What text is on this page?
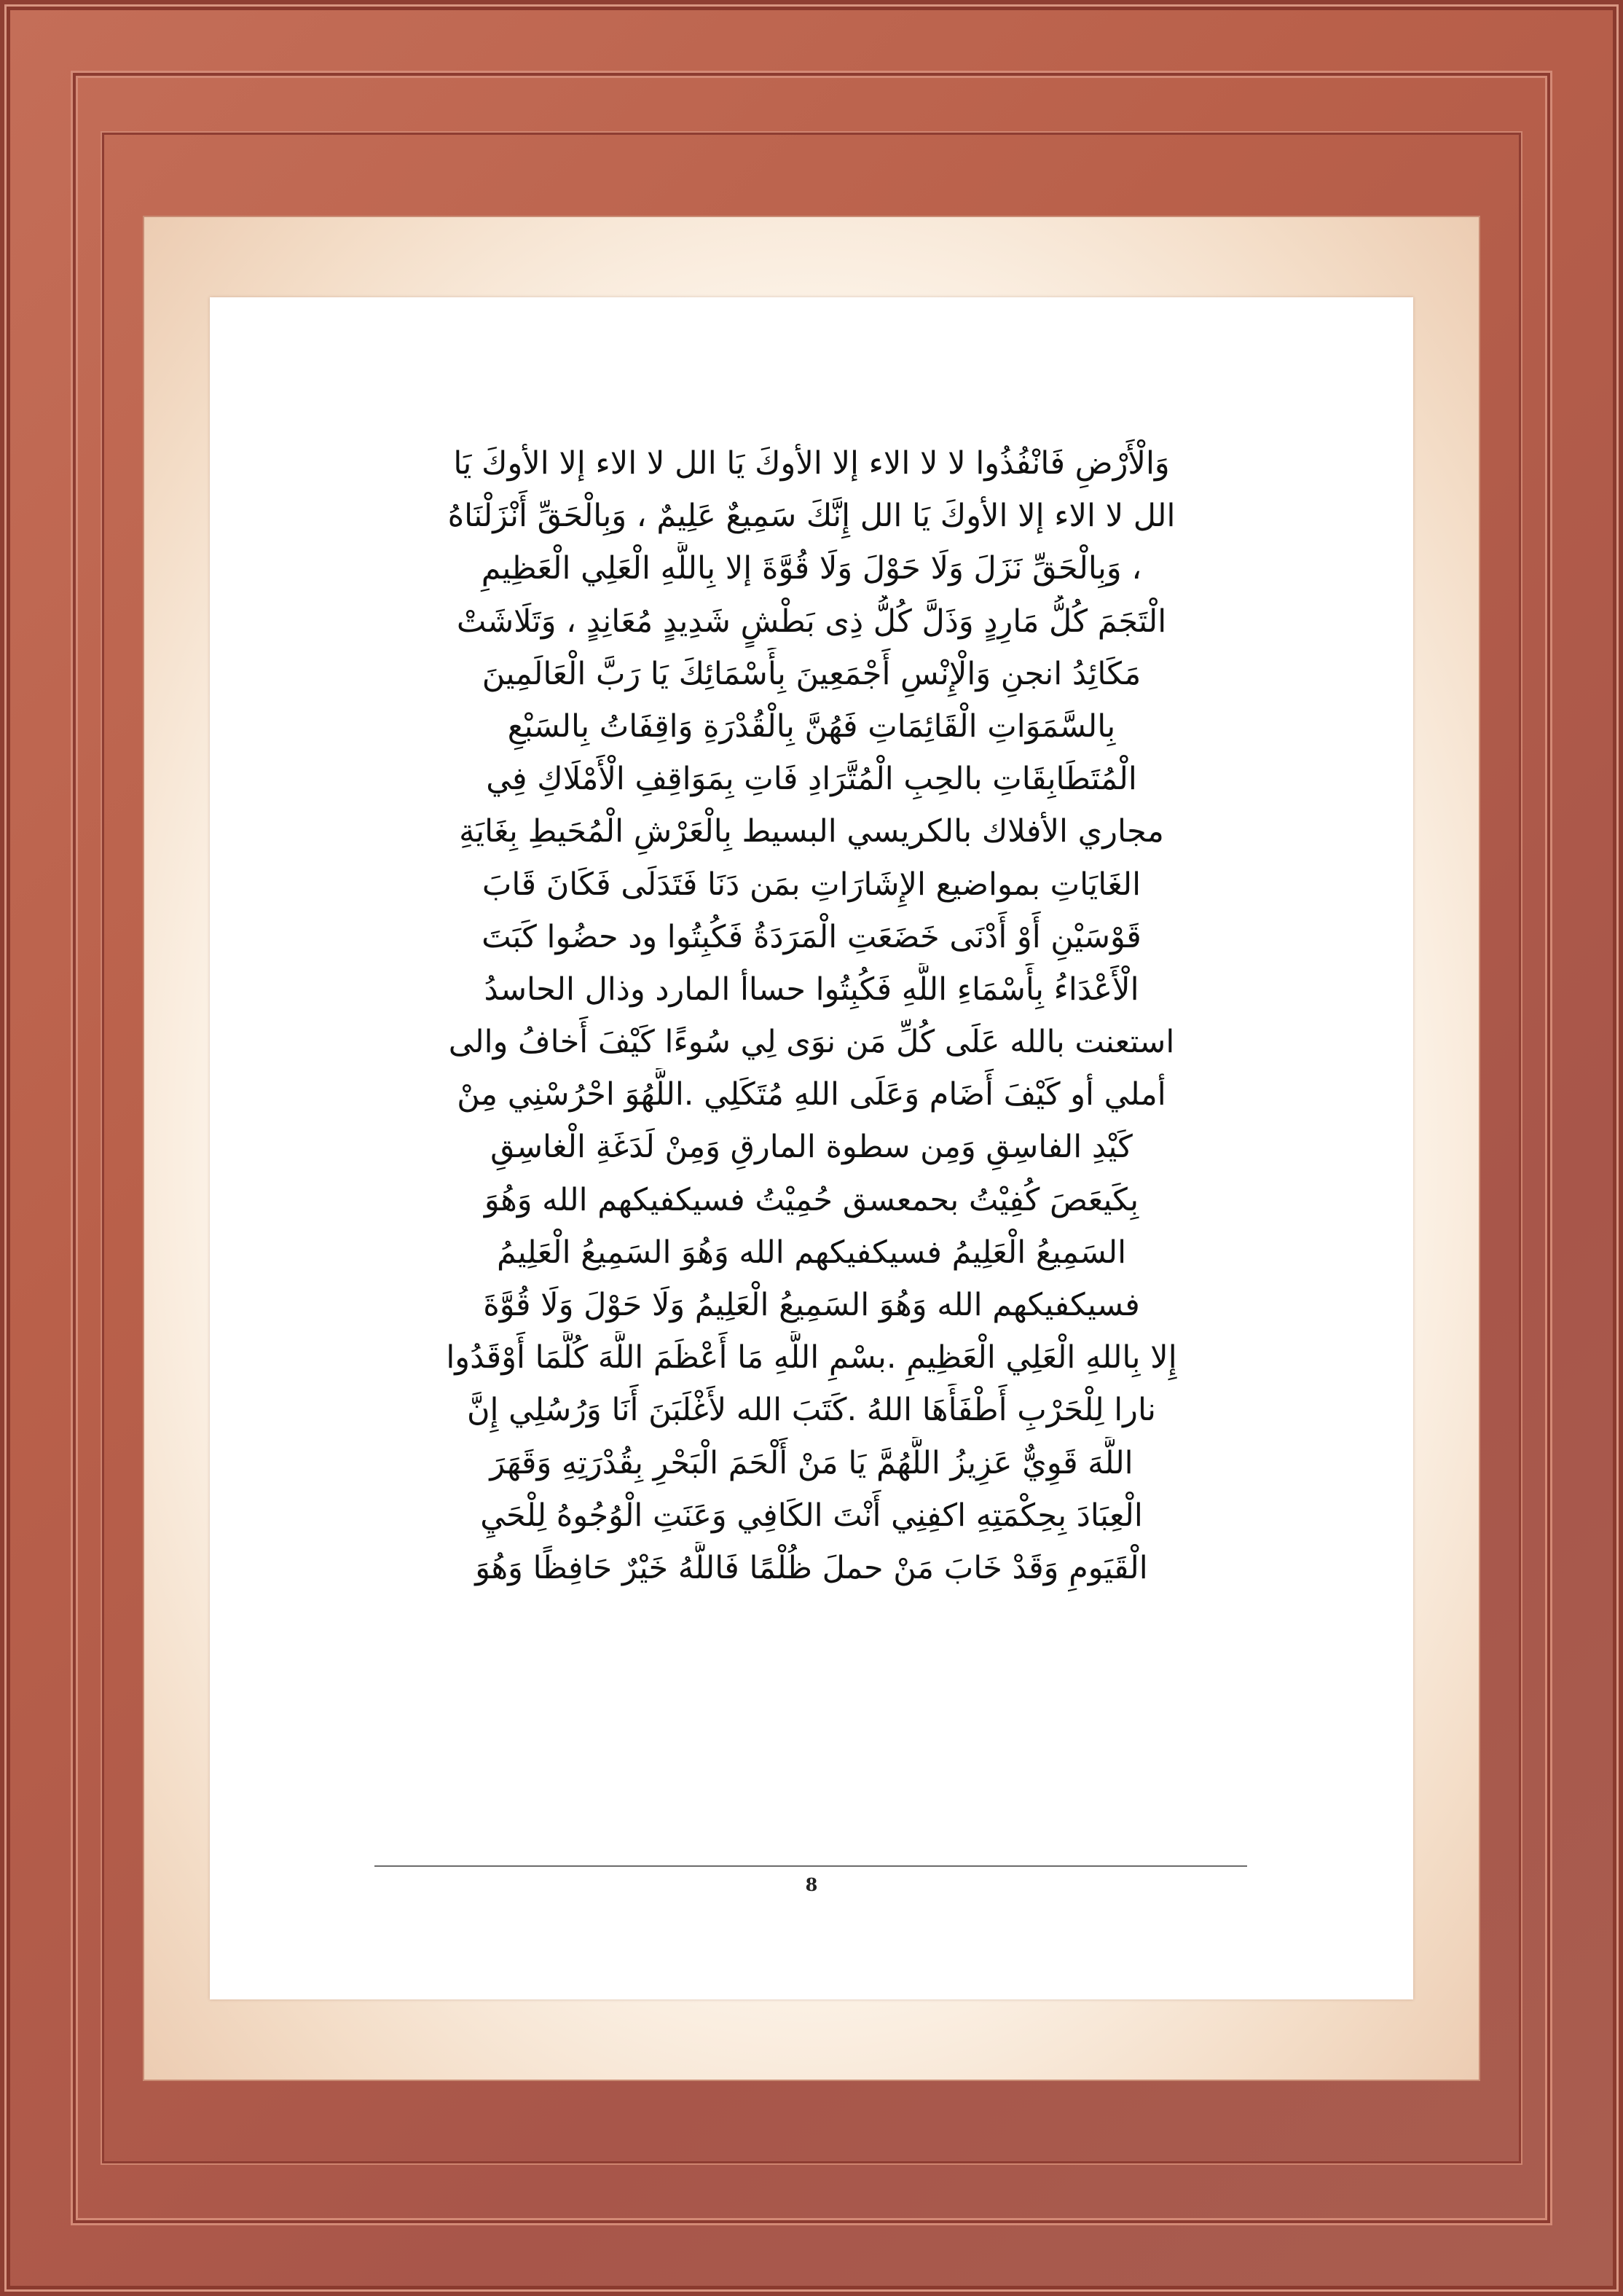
وَالْأَرْضِ فَانْفُذُوا لا لا الاء إلا الأوكَ يَا الل لا الاء إلا الأوكَ يَا
الل لا الاء إلا الأوكَ يَا الل إِنَّكَ سَمِيعٌ عَلِيمٌ ، وَبِالْحَقِّ أَنْزَلْنَاهُ
، وَبِالْحَقِّ نَزَلَ وَلَا حَوْلَ وَلَا قُوَّةَ إلا بِاللَّهِ الْعَلِي الْعَظِيمِ
الْتَجَمَ كُلُّ مَارِدٍ وَذَلَّ كُلُّ ذِى بَطْشٍ شَدِيدٍ مُعَانِدٍ ، وَتَلَاشَتْ
مَكَائِدُ انجنِ وَالْإِنْسِ أَجْمَعِينَ بِأَسْمَائِكَ يَا رَبَّ الْعَالَمِينَ
بِالسَّمَوَاتِ الْقَائِمَاتِ فَهُنَّ بِالْقُدْرَةِ وَاقِفَاتُ بِالسَبْعِ
الْمُتَطَابِقَاتِ بالحِبِ الْمُتَّرَادِ فَاتِ بِمَوَاقِفِ الْأَمْلَاكِ فِي
مجاري الأفلاك بالكريسي البسيط بِالْعَرْشِ الْمُحَيطِ بِغَايَةِ
الغَايَاتِ بمواضيع الإِشَارَاتِ بمَن دَنَا فَتَدَلَى فَكَانَ قَابَ
قَوْسَيْنِ أَوْ أَدْنَى خَضَعَتِ الْمَرَدَةُ فَكُبِتُوا ود حضُوا كَبَتَ
الْأَعْدَاءُ بِأَسْمَاءِ اللَّهِ فَكُبِتُوا حساأ المارد وذال الحاسدُ
استعنت بالله عَلَى كُلِّ مَن نوَى لِي سُوءًا كَيْفَ أَخافُ والى
أملي أو كَيْفَ أَضَام وَعَلَى اللهِ مُتَكَلِي .اللَّهُوَ احْرُسْنِي مِنْ
كَيْدِ الفاسِقِ وَمِن سطوة المارقِ وَمِنْ لَدَغَةِ الْغاسِقِ
بِكَيعَصَ كُفِيْتُ بحمعسق حُمِيْتُ فسيكفيكهم الله وَهُوَ
السَمِيعُ الْعَلِيمُ فسيكفيكهم الله وَهُوَ السَمِيعُ الْعَلِيمُ
فسيكفيكهم الله وَهُوَ السَمِيعُ الْعَلِيمُ وَلَا حَوْلَ وَلَا قُوَّةَ
إِلا بِاللهِ الْعَلِي الْعَظِيمِ .بسْمِ اللَّهِ مَا أَعْظَمَ اللَّهَ كُلَّمَا أَوْقَدُوا
نارا لِلْحَرْبِ أَطْفَأَهَا اللهُ .كَتَبَ الله لأَغْلَبَنَ أَنَا وَرُسُلِي إِنَّ
اللَّهَ قَوِيٌّ عَزِيزُ اللَّهُمَّ يَا مَنْ أَلْحَمَ الْبَحْرِ بِقُدْرَتِهِ وَقَهَرَ
الْعِبَادَ بِحِكْمَتِهِ اكفِنِي أَنْتَ الكَافِي وَعَنَتِ الْوُجُوهُ لِلْحَيِ
الْقَيَومِ وَقَدْ خَابَ مَنْ حملَ ظُلْمًا فَاللَّهُ خَيْرٌ حَافِظًا وَهُوَ
8
